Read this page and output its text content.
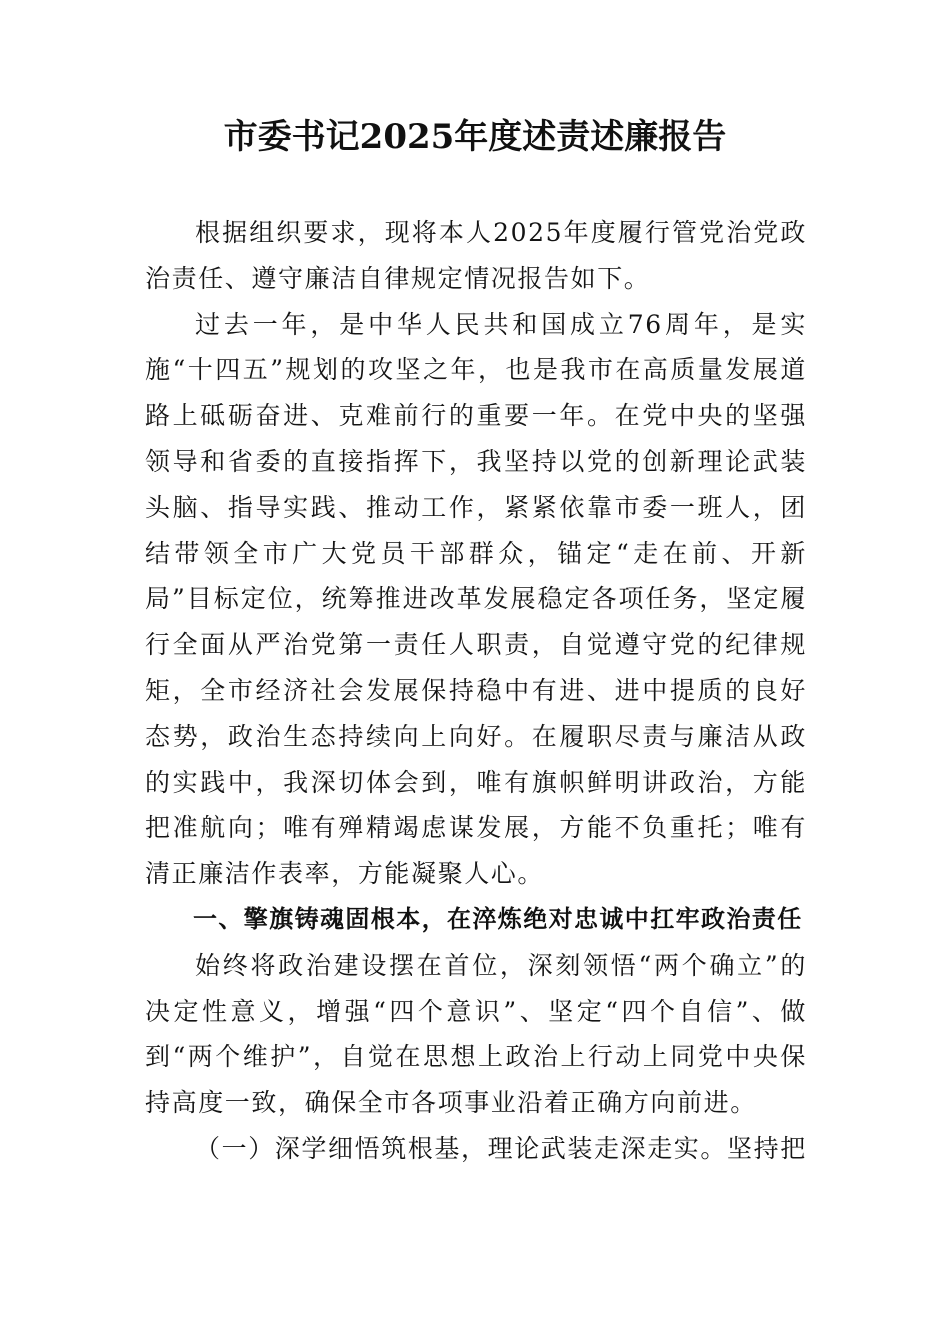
市委书记2025年度述责述廉报告

根据组织要求，现将本人2025年度履行管党治党政治责任、遵守廉洁自律规定情况报告如下。

过去一年，是中华人民共和国成立76周年，是实施“十四五”规划的攻坚之年，也是我市在高质量发展道路上砥砺奋进、克难前行的重要一年。在党中央的坚强领导和省委的直接指挥下，我坚持以党的创新理论武装头脑、指导实践、推动工作，紧紧依靠市委一班人，团结带领全市广大党员干部群众，锚定“走在前、开新局”目标定位，统筹推进改革发展稳定各项任务，坚定履行全面从严治党第一责任人职责，自觉遵守党的纪律规矩，全市经济社会发展保持稳中有进、进中提质的良好态势，政治生态持续向上向好。在履职尽责与廉洁从政的实践中，我深切体会到，唯有旗帜鲜明讲政治，方能把准航向；唯有殚精竭虑谋发展，方能不负重托；唯有清正廉洁作表率，方能凝聚人心。

一、擎旗铸魂固根本，在淬炼绝对忠诚中扛牢政治责任

始终将政治建设摆在首位，深刻领悟“两个确立”的决定性意义，增强“四个意识”、坚定“四个自信”、做到“两个维护”，自觉在思想上政治上行动上同党中央保持高度一致，确保全市各项事业沿着正确方向前进。

（一）深学细悟筑根基，理论武装走深走实。坚持把
